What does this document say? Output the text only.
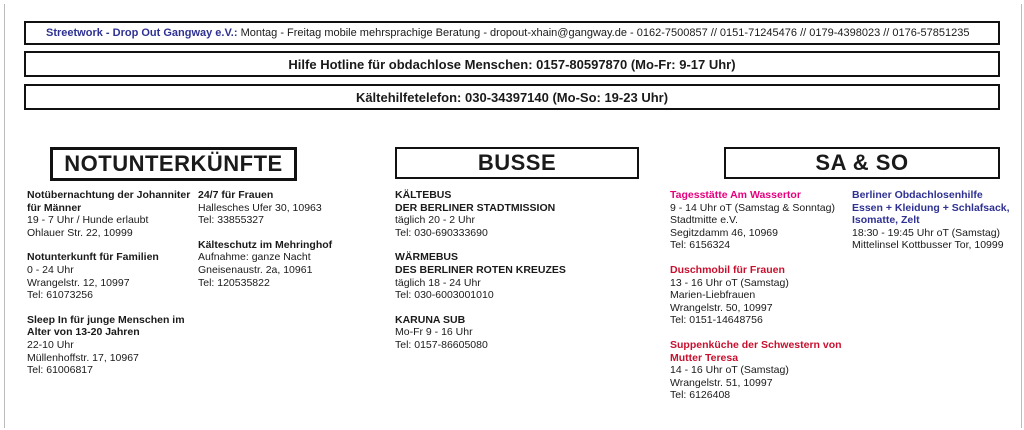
Streetwork - Drop Out Gangway e.V.: Montag - Freitag mobile mehrsprachige Beratung - dropout-xhain@gangway.de - 0162-7500857 // 0151-71245476 // 0179-4398023 // 0176-57851235
Hilfe Hotline für obdachlose Menschen: 0157-80597870 (Mo-Fr: 9-17 Uhr)
Kältehilfetelefon: 030-34397140 (Mo-So: 19-23 Uhr)
NOTUNTERKÜNFTE	BUSSE	SA & SO
Notübernachtung der Johanniter für Männer
19 - 7 Uhr / Hunde erlaubt
Ohlauer Str. 22, 10999
Notunterkunft für Familien
0 - 24 Uhr
Wrangelstr. 12, 10997
Tel: 61073256
Sleep In für junge Menschen im Alter von 13-20 Jahren
22-10 Uhr
Müllenhoffstr. 17, 10967
Tel: 61006817
24/7 für Frauen
Hallesches Ufer 30, 10963
Tel: 33855327
Kälteschutz im Mehringhof
Aufnahme: ganze Nacht
Gneisenaustr. 2a, 10961
Tel: 120535822
KÄLTEBUS
DER BERLINER STADTMISSION
täglich 20 - 2 Uhr
Tel: 030-690333690
WÄRMEBUS
DES BERLINER ROTEN KREUZES
täglich 18 - 24 Uhr
Tel: 030-6003001010
KARUNA SUB
Mo-Fr 9 - 16 Uhr
Tel: 0157-86605080
Tagesstätte Am Wassertor
9 - 14 Uhr oT (Samstag & Sonntag)
Stadtmitte e.V.
Segitzdamm 46, 10969
Tel: 6156324
Duschmobil für Frauen
13 - 16 Uhr oT (Samstag)
Marien-Liebfrauen
Wrangelstr. 50, 10997
Tel: 0151-14648756
Suppenküche der Schwestern von Mutter Teresa
14 - 16 Uhr oT (Samstag)
Wrangelstr. 51, 10997
Tel: 6126408
Berliner Obdachlosenhilfe
Essen + Kleidung + Schlafsack, Isomatte, Zelt
18:30 - 19:45 Uhr oT (Samstag)
Mittelinsel Kottbusser Tor, 10999
